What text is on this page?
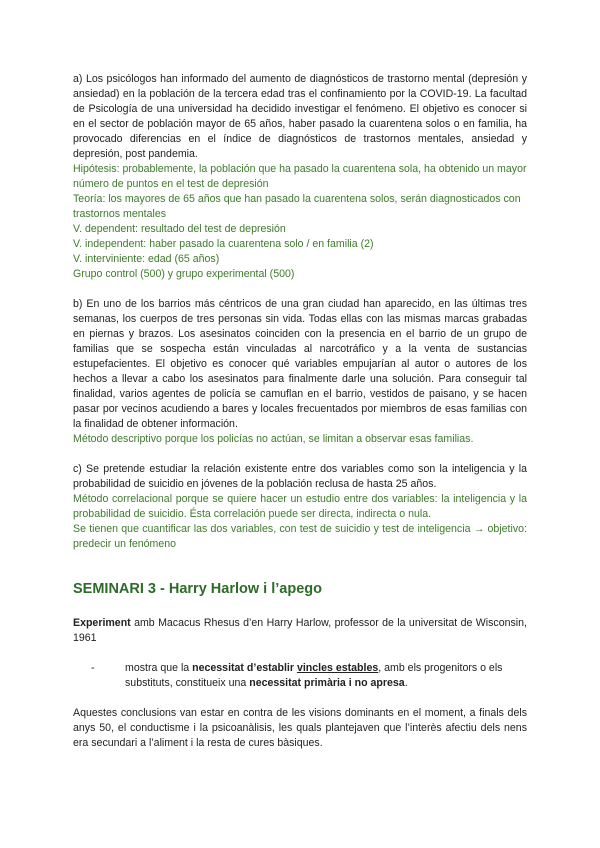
a) Los psicólogos han informado del aumento de diagnósticos de trastorno mental (depresión y ansiedad) en la población de la tercera edad tras el confinamiento por la COVID-19. La facultad de Psicología de una universidad ha decidido investigar el fenómeno. El objetivo es conocer si en el sector de población mayor de 65 años, haber pasado la cuarentena solos o en familia, ha provocado diferencias en el índice de diagnósticos de trastornos mentales, ansiedad y depresión, post pandemia.

Hipótesis: probablemente, la población que ha pasado la cuarentena sola, ha obtenido un mayor número de puntos en el test de depresión

Teoría: los mayores de 65 años que han pasado la cuarentena solos, serán diagnosticados con trastornos mentales

V. dependent: resultado del test de depresión

V. independent: haber pasado la cuarentena solo / en familia (2)

V. interviniente: edad (65 años)

Grupo control (500) y grupo experimental (500)

b) En uno de los barrios más céntricos de una gran ciudad han aparecido, en las últimas tres semanas, los cuerpos de tres personas sin vida. Todas ellas con las mismas marcas grabadas en piernas y brazos. Los asesinatos coinciden con la presencia en el barrio de un grupo de familias que se sospecha están vinculadas al narcotráfico y a la venta de sustancias estupefacientes. El objetivo es conocer qué variables empujarían al autor o autores de los hechos a llevar a cabo los asesinatos para finalmente darle una solución. Para conseguir tal finalidad, varios agentes de policía se camuflan en el barrio, vestidos de paisano, y se hacen pasar por vecinos acudiendo a bares y locales frecuentados por miembros de esas familias con la finalidad de obtener información.

Método descriptivo porque los policías no actúan, se limitan a observar esas familias.

c) Se pretende estudiar la relación existente entre dos variables como son la inteligencia y la probabilidad de suicidio en jóvenes de la población reclusa de hasta 25 años.

Método correlacional porque se quiere hacer un estudio entre dos variables: la inteligencia y la probabilidad de suicidio. Ésta correlación puede ser directa, indirecta o nula.

Se tienen que cuantificar las dos variables, con test de suicidio y test de inteligencia → objetivo: predecir un fenómeno

SEMINARI 3 - Harry Harlow i l’apego

Experiment amb Macacus Rhesus d’en Harry Harlow, professor de la universitat de Wisconsin, 1961

-	mostra que la necessitat d’establir vincles estables, amb els progenitors o els substituts, constitueix una necessitat primària i no apresa.

Aquestes conclusions van estar en contra de les visions dominants en el moment, a finals dels anys 50, el conductisme i la psicoanàlisis, les quals plantejaven que l’interès afectiu dels nens era secundari a l’aliment i la resta de cures bàsiques.
